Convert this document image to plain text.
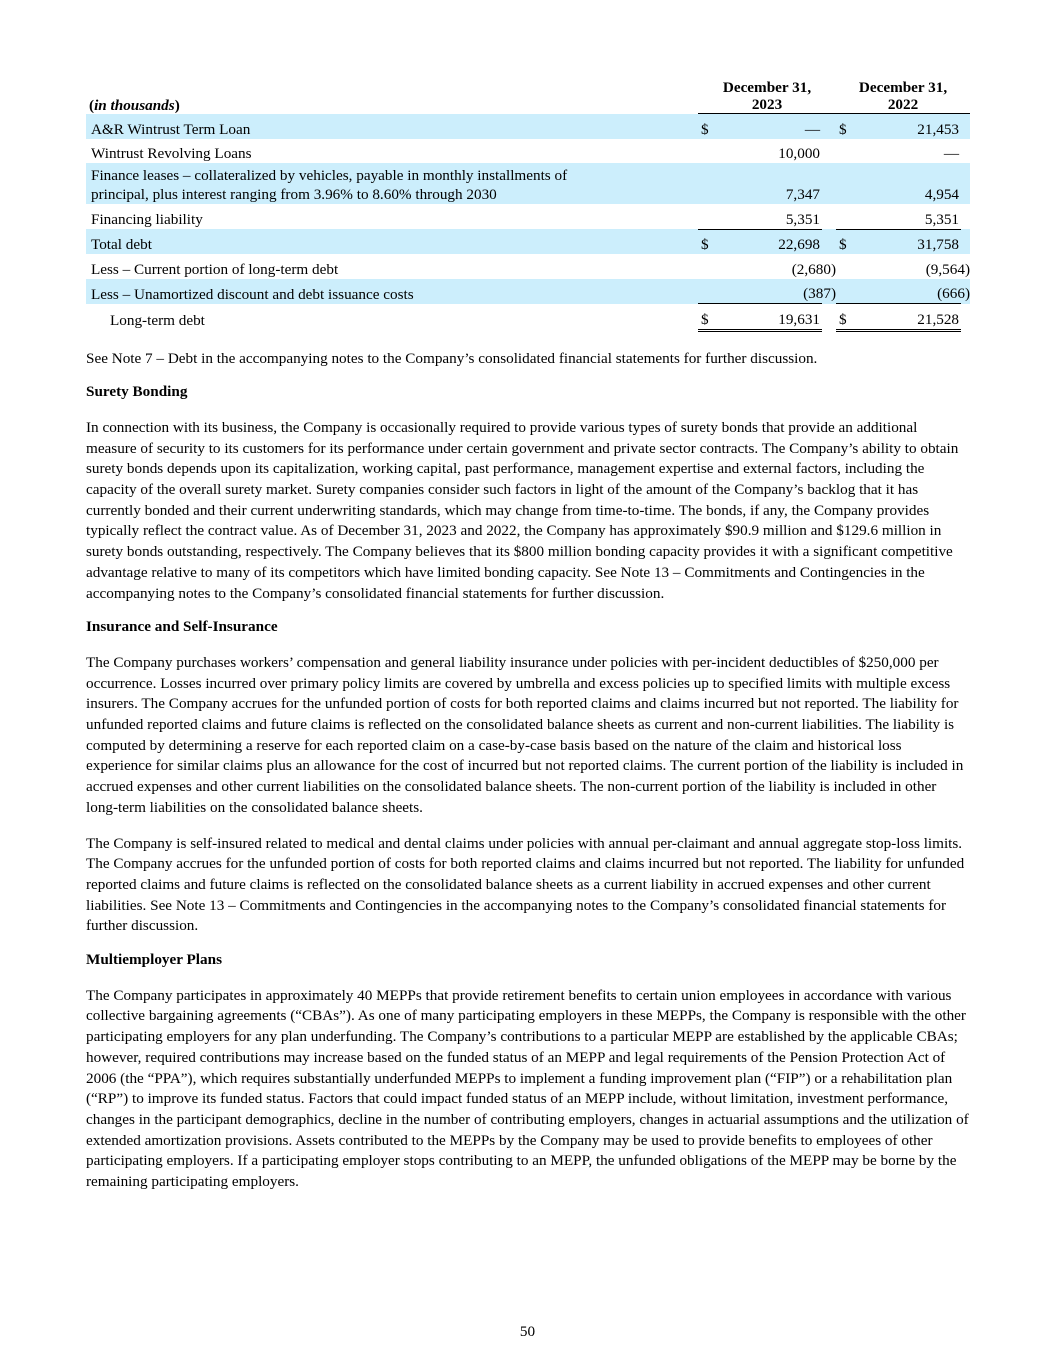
(in thousands)	December 31,
2023			December 31,
2022		
A&R Wintrust Term Loan	$	—		$	21,453	
Wintrust Revolving Loans		10,000			—	
Finance leases – collateralized by vehicles, payable in monthly installments of
principal, plus interest ranging from 3.96% to 8.60% through 2030		7,347			4,954	
Financing liability		5,351			5,351	
Total debt	$	22,698		$	31,758	
Less – Current portion of long-term debt		(2,680)			(9,564)	
Less – Unamortized discount and debt issuance costs		(387)			(666)	
Long-term debt	$	19,631		$	21,528	

See Note 7 – Debt in the accompanying notes to the Company’s consolidated financial statements for further discussion.

Surety Bonding

In connection with its business, the Company is occasionally required to provide various types of surety bonds that provide an additional measure of security to its customers for its performance under certain government and private sector contracts. The Company’s ability to obtain surety bonds depends upon its capitalization, working capital, past performance, management expertise and external factors, including the capacity of the overall surety market. Surety companies consider such factors in light of the amount of the Company’s backlog that it has currently bonded and their current underwriting standards, which may change from time-to-time. The bonds, if any, the Company provides typically reflect the contract value. As of December 31, 2023 and 2022, the Company has approximately $90.9 million and $129.6 million in surety bonds outstanding, respectively. The Company believes that its $800 million bonding capacity provides it with a significant competitive advantage relative to many of its competitors which have limited bonding capacity. See Note 13 – Commitments and Contingencies in the accompanying notes to the Company’s consolidated financial statements for further discussion.

Insurance and Self-Insurance

The Company purchases workers’ compensation and general liability insurance under policies with per-incident deductibles of $250,000 per occurrence. Losses incurred over primary policy limits are covered by umbrella and excess policies up to specified limits with multiple excess insurers. The Company accrues for the unfunded portion of costs for both reported claims and claims incurred but not reported. The liability for unfunded reported claims and future claims is reflected on the consolidated balance sheets as current and non-current liabilities. The liability is computed by determining a reserve for each reported claim on a case-by-case basis based on the nature of the claim and historical loss experience for similar claims plus an allowance for the cost of incurred but not reported claims. The current portion of the liability is included in accrued expenses and other current liabilities on the consolidated balance sheets. The non-current portion of the liability is included in other long-term liabilities on the consolidated balance sheets.

The Company is self-insured related to medical and dental claims under policies with annual per-claimant and annual aggregate stop-loss limits. The Company accrues for the unfunded portion of costs for both reported claims and claims incurred but not reported. The liability for unfunded reported claims and future claims is reflected on the consolidated balance sheets as a current liability in accrued expenses and other current liabilities. See Note 13 – Commitments and Contingencies in the accompanying notes to the Company’s consolidated financial statements for further discussion.

Multiemployer Plans

The Company participates in approximately 40 MEPPs that provide retirement benefits to certain union employees in accordance with various collective bargaining agreements (“CBAs”). As one of many participating employers in these MEPPs, the Company is responsible with the other participating employers for any plan underfunding. The Company’s contributions to a particular MEPP are established by the applicable CBAs; however, required contributions may increase based on the funded status of an MEPP and legal requirements of the Pension Protection Act of 2006 (the “PPA”), which requires substantially underfunded MEPPs to implement a funding improvement plan (“FIP”) or a rehabilitation plan (“RP”) to improve its funded status. Factors that could impact funded status of an MEPP include, without limitation, investment performance, changes in the participant demographics, decline in the number of contributing employers, changes in actuarial assumptions and the utilization of extended amortization provisions. Assets contributed to the MEPPs by the Company may be used to provide benefits to employees of other participating employers. If a participating employer stops contributing to an MEPP, the unfunded obligations of the MEPP may be borne by the remaining participating employers.

50
